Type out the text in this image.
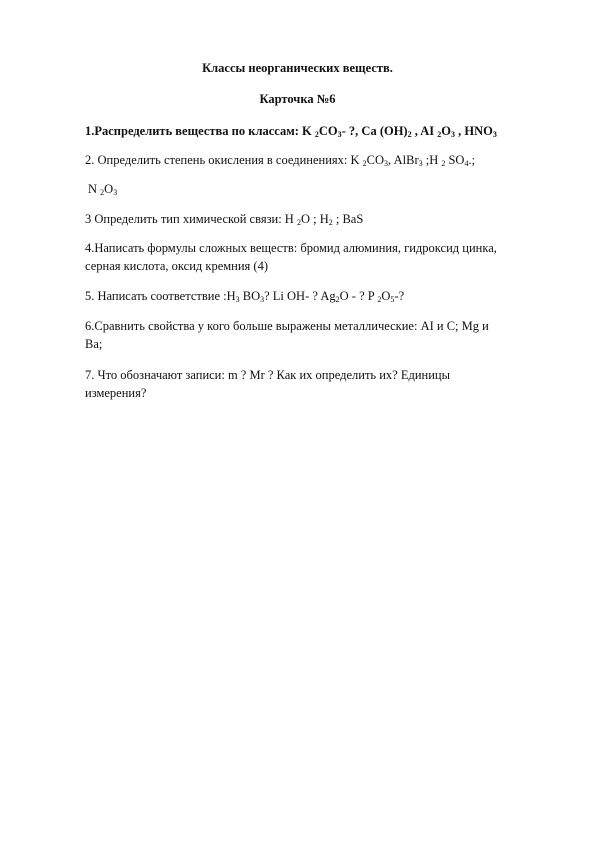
Классы неорганических веществ.
Карточка №6
1.Распределить вещества по классам: K $_2CO_3-$ ?, Ca $(OH)_2$ , AI $_2O_3$ , $HNO_3$
2. Определить степень окисления в соединениях: K $_2CO_3$, AlBr$_3$ ;H $_2$ $SO_4$.;
N $_2O_3$
3 Определить тип химической связи: H $_2$O ; $H_2$ ; BaS
4.Написать формулы сложных веществ: бромид алюминия, гидроксид цинка,
серная кислота, оксид кремния (4)
5. Написать соответствие $:H_3$ $BO_3$? Li OH- ? $Ag_2O$ - ? P $_2O_5-$?
6.Сравнить свойства у кого больше выражены металлические: AI и C; Mg и
Ba;
7. Что обозначают записи: m ? Mr ? Как их определить их? Единицы
измерения?
